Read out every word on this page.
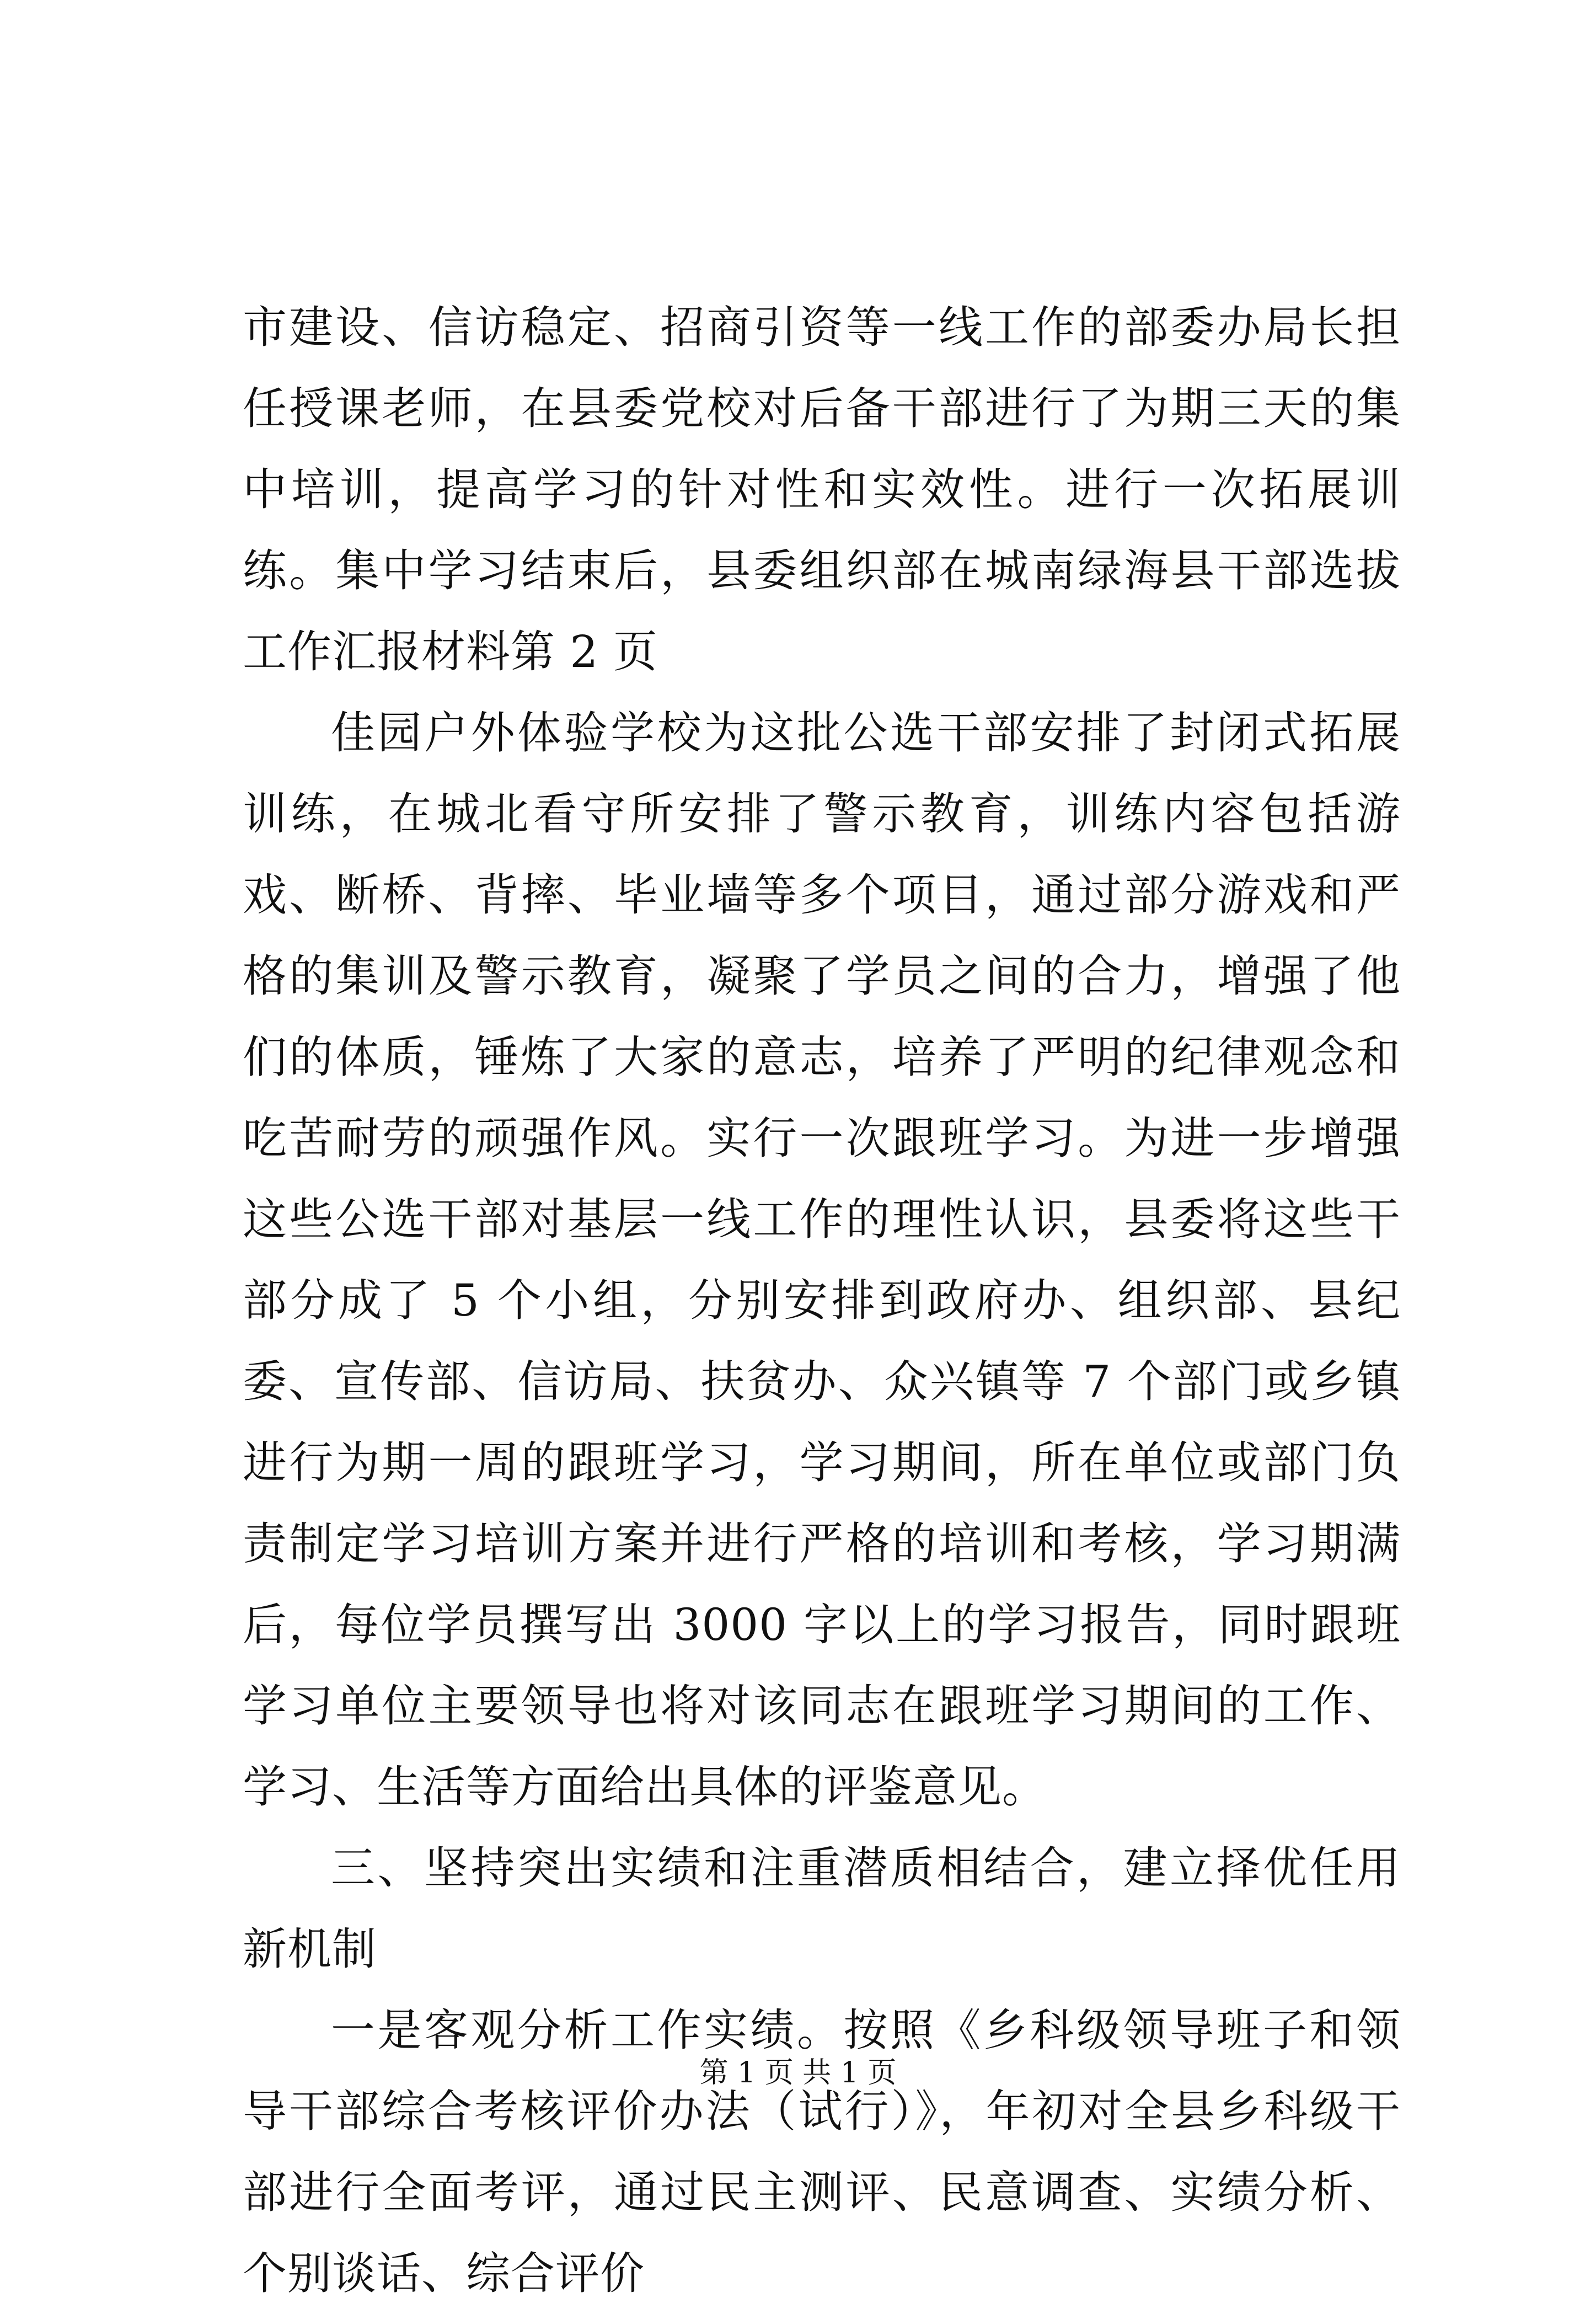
市建设、信访稳定、招商引资等一线工作的部委办局长担任授课老师，在县委党校对后备干部进行了为期三天的集中培训，提高学习的针对性和实效性。进行一次拓展训练。集中学习结束后，县委组织部在城南绿海县干部选拔工作汇报材料第 2 页

佳园户外体验学校为这批公选干部安排了封闭式拓展训练，在城北看守所安排了警示教育，训练内容包括游戏、断桥、背摔、毕业墙等多个项目，通过部分游戏和严格的集训及警示教育，凝聚了学员之间的合力，增强了他们的体质，锤炼了大家的意志，培养了严明的纪律观念和吃苦耐劳的顽强作风。实行一次跟班学习。为进一步增强这些公选干部对基层一线工作的理性认识，县委将这些干部分成了 5 个小组，分别安排到政府办、组织部、县纪委、宣传部、信访局、扶贫办、众兴镇等 7 个部门或乡镇进行为期一周的跟班学习，学习期间，所在单位或部门负责制定学习培训方案并进行严格的培训和考核，学习期满后，每位学员撰写出 3000 字以上的学习报告，同时跟班学习单位主要领导也将对该同志在跟班学习期间的工作、学习、生活等方面给出具体的评鉴意见。

三、坚持突出实绩和注重潜质相结合，建立择优任用新机制

一是客观分析工作实绩。按照《乡科级领导班子和领导干部综合考核评价办法（试行）》，年初对全县乡科级干部进行全面考评，通过民主测评、民意调查、实绩分析、个别谈话、综合评价

第 1 页 共 1 页
